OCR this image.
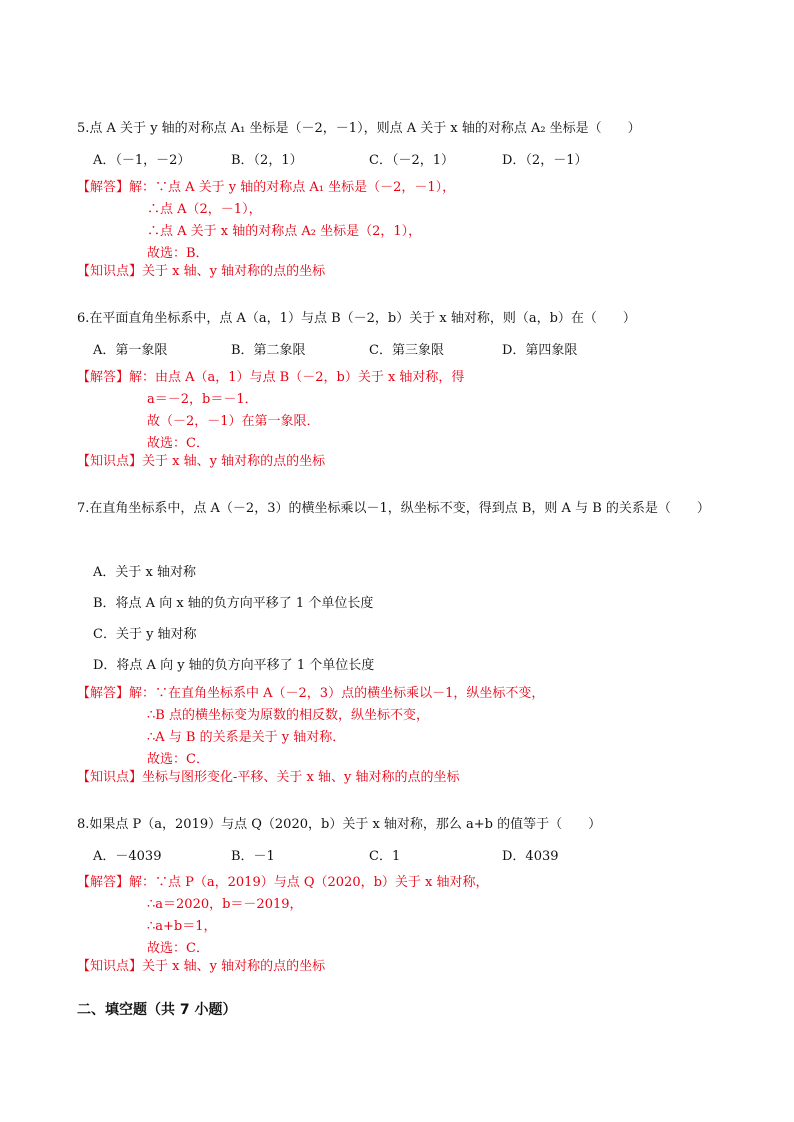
5.点 A 关于 y 轴的对称点 A₁ 坐标是（－2，－1），则点 A 关于 x 轴的对称点 A₂ 坐标是（　　）
A．（－1，－2）	B．（2，1）	C．（－2，1）	D．（2，－1）
【解答】解：∵点 A 关于 y 轴的对称点 A₁ 坐标是（－2，－1），
∴点 A（2，－1），
∴点 A 关于 x 轴的对称点 A₂ 坐标是（2，1），
故选：B．
【知识点】关于 x 轴、y 轴对称的点的坐标
6.在平面直角坐标系中，点 A（a，1）与点 B（－2，b）关于 x 轴对称，则（a，b）在（　　）
A．第一象限	B．第二象限	C．第三象限	D．第四象限
【解答】解：由点 A（a，1）与点 B（－2，b）关于 x 轴对称，得
a＝－2，b＝－1．
故（－2，－1）在第一象限．
故选：C．
【知识点】关于 x 轴、y 轴对称的点的坐标
7.在直角坐标系中，点 A（－2，3）的横坐标乘以－1，纵坐标不变，得到点 B，则 A 与 B 的关系是（　　）
A．关于 x 轴对称
B．将点 A 向 x 轴的负方向平移了 1 个单位长度
C．关于 y 轴对称
D．将点 A 向 y 轴的负方向平移了 1 个单位长度
【解答】解：∵在直角坐标系中 A（－2，3）点的横坐标乘以－1，纵坐标不变，
∴B 点的横坐标变为原数的相反数，纵坐标不变，
∴A 与 B 的关系是关于 y 轴对称．
故选：C．
【知识点】坐标与图形变化-平移、关于 x 轴、y 轴对称的点的坐标
8.如果点 P（a，2019）与点 Q（2020，b）关于 x 轴对称，那么 a+b 的值等于（　　）
A．－4039	B．－1	C．1	D．4039
【解答】解：∵点 P（a，2019）与点 Q（2020，b）关于 x 轴对称，
∴a＝2020，b＝－2019，
∴a+b＝1，
故选：C．
【知识点】关于 x 轴、y 轴对称的点的坐标
二、填空题（共 7 小题）
